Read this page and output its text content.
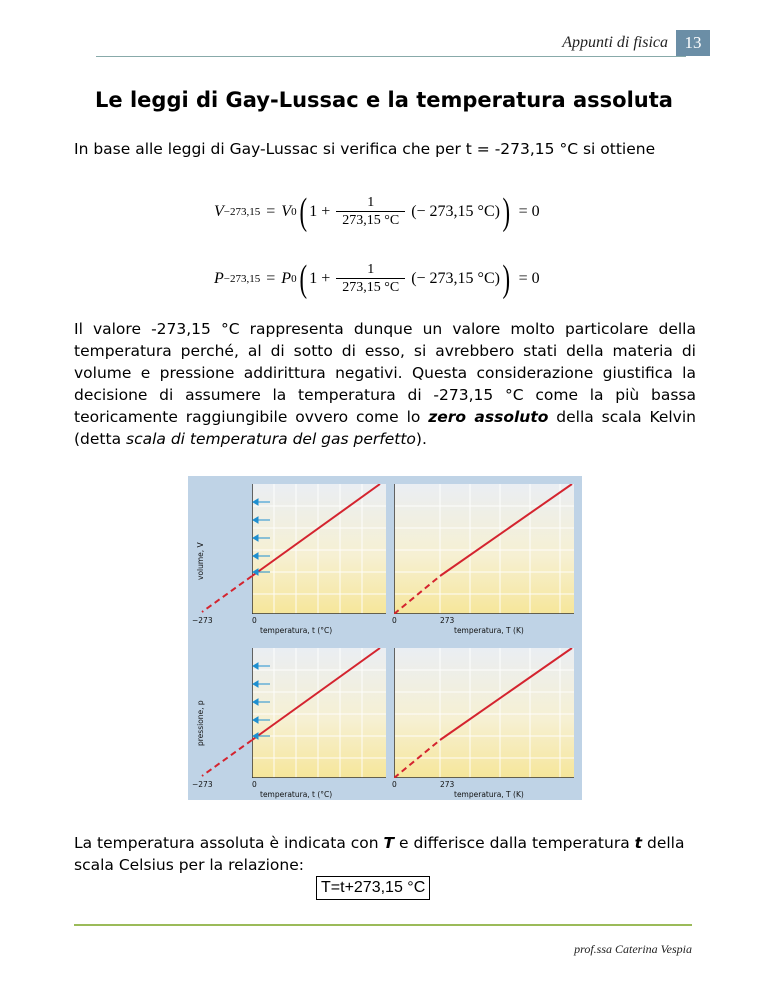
Appunti di fisica 13
Le leggi di Gay-Lussac e la temperatura assoluta
In base alle leggi di Gay-Lussac si verifica che per t = -273,15 °C si ottiene
V −273,15 = V 0 ( $1 + \frac{1}{273,15 ^\circ C}$ (− 273,15 °C) ) = 0
P −273,15 = P 0 ( $1 + \frac{1}{273,15 ^\circ C}$ (− 273,15 °C) ) = 0
Il valore -273,15 °C rappresenta dunque un valore molto particolare della temperatura perché, al di sotto di esso, si avrebbero stati della materia di volume e pressione addirittura negativi. Questa considerazione giustifica la decisione di assumere la temperatura di -273,15 °C come la più bassa teoricamente raggiungibile ovvero come lo zero assoluto della scala Kelvin (detta scala di temperatura del gas perfetto).
volume, V
−273	0
temperatura, t (°C)
0	273
temperatura, T (K)
pressione, p
−273	0
temperatura, t (°C)
0	273
temperatura, T (K)
La temperatura assoluta è indicata con T e differisce dalla temperatura t della scala Celsius per la relazione:
T=t+273,15 °C
prof.ssa Caterina Vespia
